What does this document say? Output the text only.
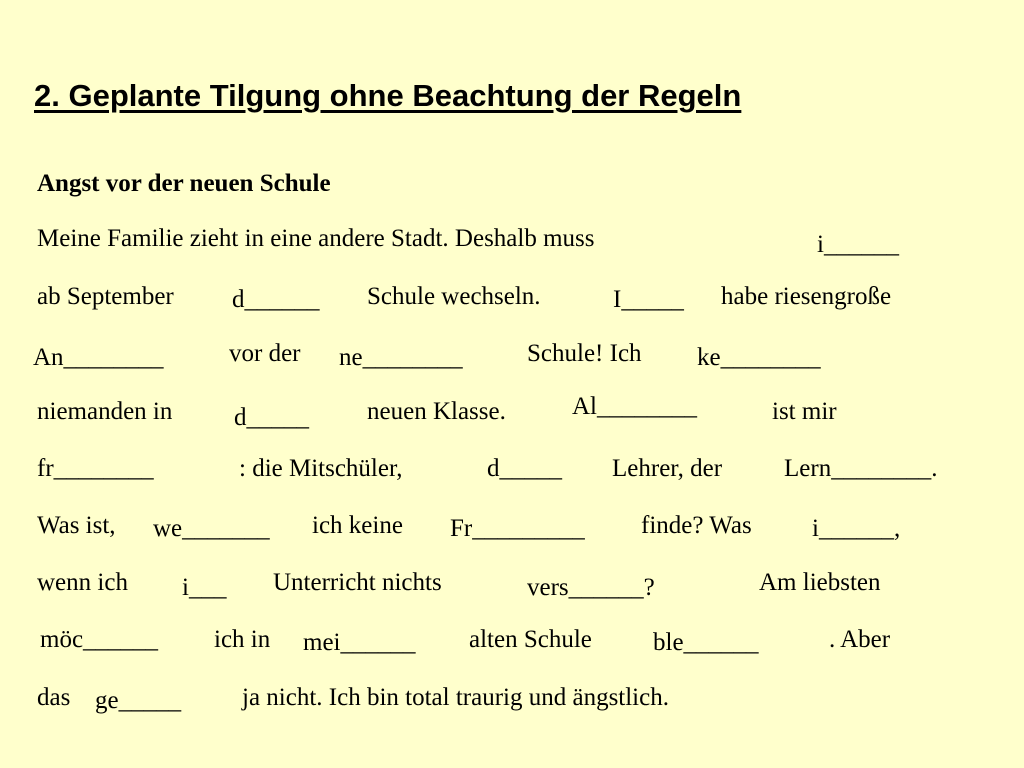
2. Geplante Tilgung ohne Beachtung der Regeln
Angst vor der neuen Schule
Meine Familie zieht in eine andere Stadt. Deshalb muss	i______
ab September d______ Schule wechseln.	I_____ habe riesengroße
An________	vor der ne________	Schule! Ich ke________
niemanden in d_____ neuen Klasse.	Al________	ist mir
fr________	: die Mitschüler,	d_____ Lehrer, der Lern________.
Was ist, we_______ ich keine Fr_________ finde? Was i______,
wenn ich i___ Unterricht nichts	vers______?	Am liebsten
möc______ ich in mei______ alten Schule ble______	. Aber
das ge_____ ja nicht. Ich bin total traurig und ängstlich.
